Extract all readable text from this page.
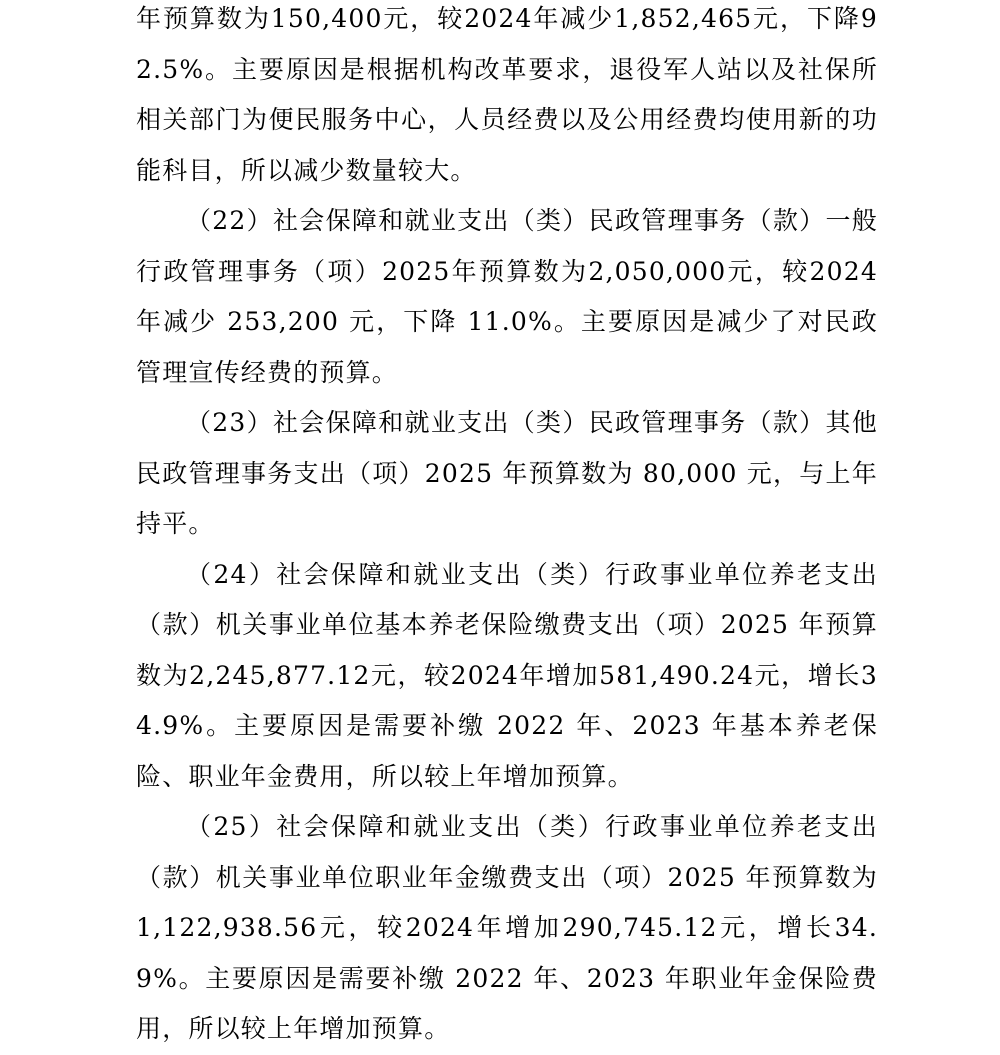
年预算数为150,400元，较2024年减少1,852,465元，下降92.5%。主要原因是根据机构改革要求，退役军人站以及社保所相关部门为便民服务中心，人员经费以及公用经费均使用新的功能科目，所以减少数量较大。

（22）社会保障和就业支出（类）民政管理事务（款）一般行政管理事务（项）2025年预算数为2,050,000元，较2024年减少 253,200 元，下降 11.0%。主要原因是减少了对民政管理宣传经费的预算。

（23）社会保障和就业支出（类）民政管理事务（款）其他民政管理事务支出（项）2025 年预算数为 80,000 元，与上年持平。

（24）社会保障和就业支出（类）行政事业单位养老支出（款）机关事业单位基本养老保险缴费支出（项）2025 年预算数为2,245,877.12元，较2024年增加581,490.24元，增长34.9%。主要原因是需要补缴 2022 年、2023 年基本养老保险、职业年金费用，所以较上年增加预算。

（25）社会保障和就业支出（类）行政事业单位养老支出（款）机关事业单位职业年金缴费支出（项）2025 年预算数为1,122,938.56元，较2024年增加290,745.12元，增长34.9%。主要原因是需要补缴 2022 年、2023 年职业年金保险费用，所以较上年增加预算。
